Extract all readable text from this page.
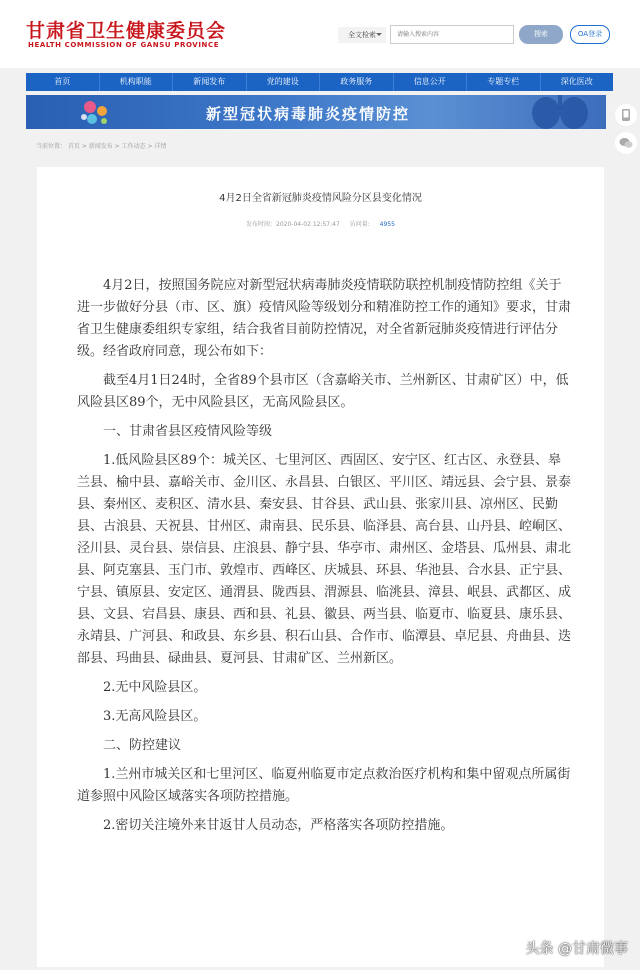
甘肃省卫生健康委员会
HEALTH COMMISSION OF GANSU PROVINCE
全文检索
请输入搜索内容	搜索	OA登录
首页	机构职能	新闻发布	党的建设	政务服务	信息公开	专题专栏	深化医改
新型冠状病毒肺炎疫情防控
当前位置： 首页 > 新闻发布 > 工作动态 > 详情
4月2日全省新冠肺炎疫情风险分区县变化情况
发布时间：2020-04-02 12:57:47 访问量: 4955

4月2日，按照国务院应对新型冠状病毒肺炎疫情联防联控机制疫情防控组《关于进一步做好分县（市、区、旗）疫情风险等级划分和精准防控工作的通知》要求，甘肃省卫生健康委组织专家组，结合我省目前防控情况，对全省新冠肺炎疫情进行评估分级。经省政府同意，现公布如下：

截至4月1日24时，全省89个县市区（含嘉峪关市、兰州新区、甘肃矿区）中，低风险县区89个，无中风险县区，无高风险县区。

一、甘肃省县区疫情风险等级

1.低风险县区89个：城关区、七里河区、西固区、安宁区、红古区、永登县、皋兰县、榆中县、嘉峪关市、金川区、永昌县、白银区、平川区、靖远县、会宁县、景泰县、秦州区、麦积区、清水县、秦安县、甘谷县、武山县、张家川县、凉州区、民勤县、古浪县、天祝县、甘州区、肃南县、民乐县、临泽县、高台县、山丹县、崆峒区、泾川县、灵台县、崇信县、庄浪县、静宁县、华亭市、肃州区、金塔县、瓜州县、肃北县、阿克塞县、玉门市、敦煌市、西峰区、庆城县、环县、华池县、合水县、正宁县、宁县、镇原县、安定区、通渭县、陇西县、渭源县、临洮县、漳县、岷县、武都区、成县、文县、宕昌县、康县、西和县、礼县、徽县、两当县、临夏市、临夏县、康乐县、永靖县、广河县、和政县、东乡县、积石山县、合作市、临潭县、卓尼县、舟曲县、迭部县、玛曲县、碌曲县、夏河县、甘肃矿区、兰州新区。

2.无中风险县区。

3.无高风险县区。

二、防控建议

1.兰州市城关区和七里河区、临夏州临夏市定点救治医疗机构和集中留观点所属街道参照中风险区域落实各项防控措施。

2.密切关注境外来甘返甘人员动态，严格落实各项防控措施。

头条 @甘肃微事
